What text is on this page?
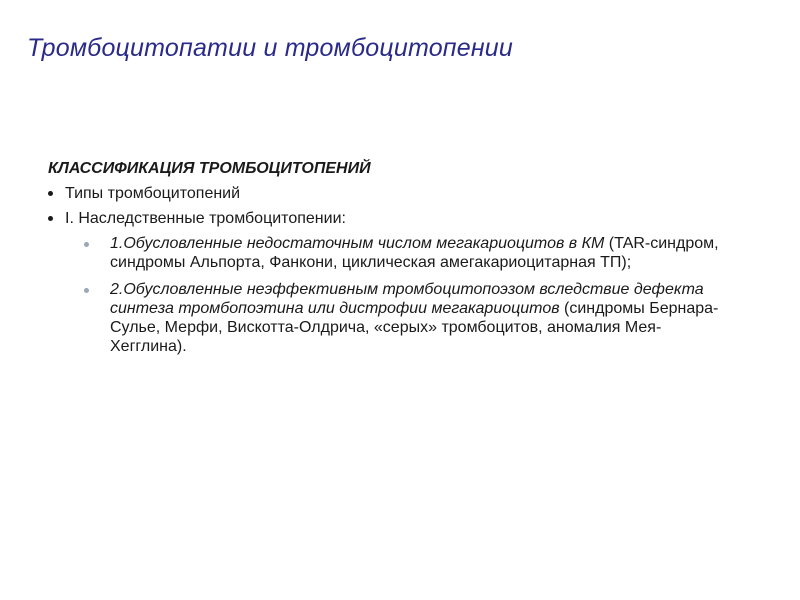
Тромбоцитопатии и тромбоцитопении
КЛАССИФИКАЦИЯ ТРОМБОЦИТОПЕНИЙ
Типы тромбоцитопений
I. Наследственные тромбоцитопении:
1.Обусловленные недостаточным числом мегакариоцитов в КМ (TAR-синдром, синдромы Альпорта, Фанкони, циклическая амегакариоцитарная ТП);
2.Обусловленные неэффективным тромбоцитопоэзом вследствие дефекта синтеза тромбопоэтина или дистрофии мегакариоцитов (синдромы Бернара-Сулье, Мерфи, Вискотта-Олдрича, «серых» тромбоцитов, аномалия Мея-Хегглина).
